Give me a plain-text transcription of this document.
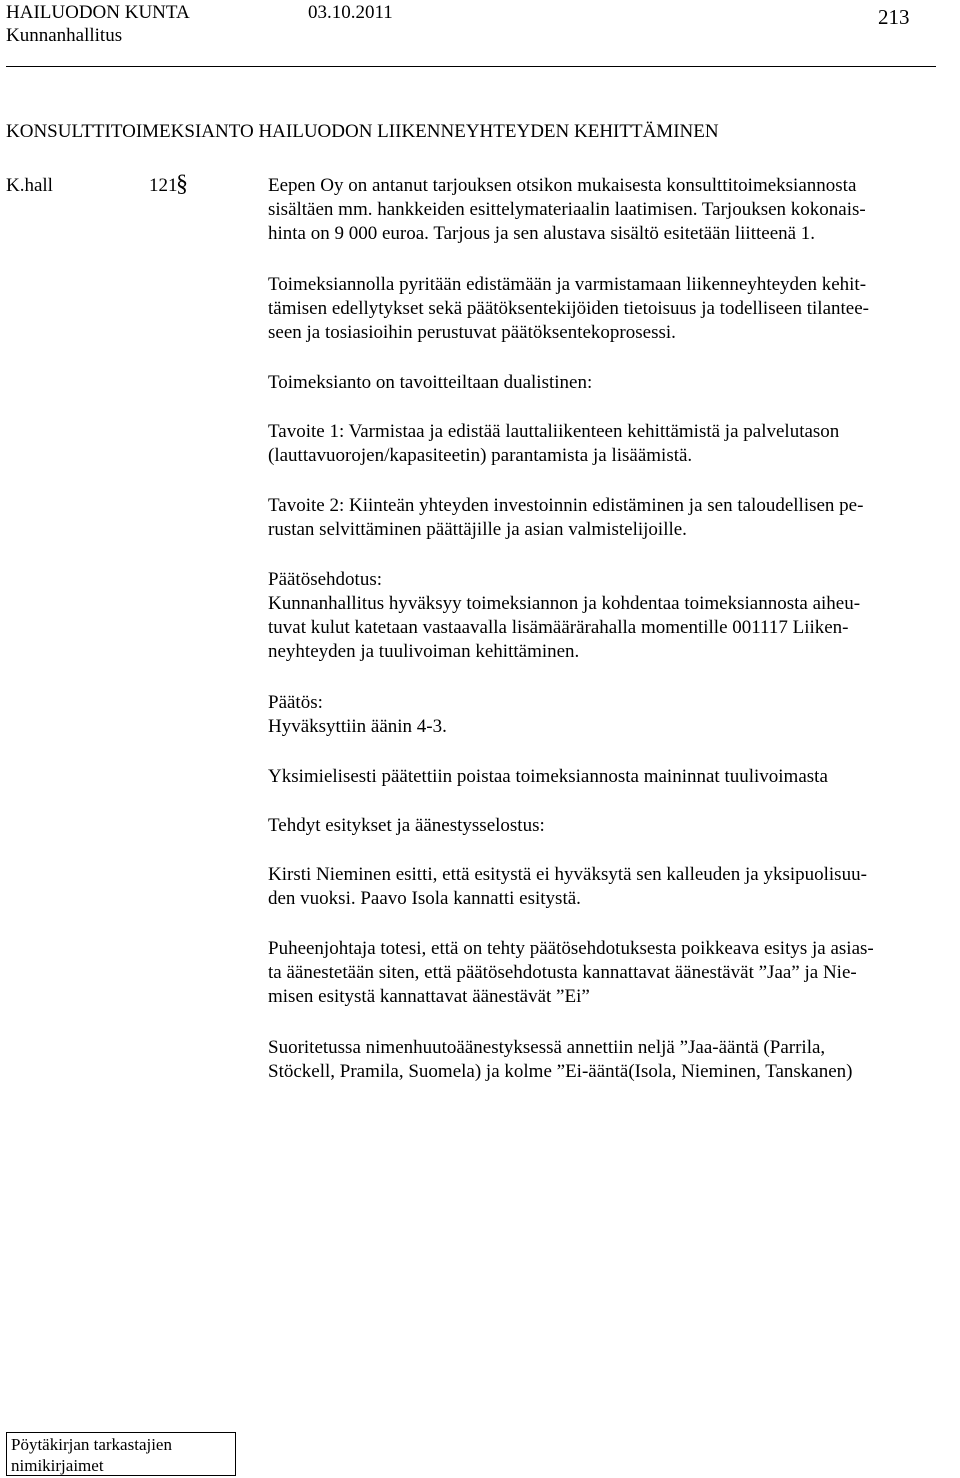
HAILUODON KUNTA	03.10.2011	213
Kunnanhallitus
KONSULTTITOIMEKSIANTO HAILUODON LIIKENNEYHTEYDEN KEHITTÄMINEN
K.hall	121
§	Eepen Oy on antanut tarjouksen otsikon mukaisesta konsulttitoimeksiannosta
sisältäen mm. hankkeiden esittelymateriaalin laatimisen. Tarjouksen kokonais-
hinta on 9 000 euroa. Tarjous ja sen alustava sisältö esitetään liitteenä 1.
Toimeksiannolla pyritään edistämään ja varmistamaan liikenneyhteyden kehit-
tämisen edellytykset sekä päätöksentekijöiden tietoisuus ja todelliseen tilantee-
seen ja tosiasioihin perustuvat päätöksentekoprosessi.
Toimeksianto on tavoitteiltaan dualistinen:
Tavoite 1: Varmistaa ja edistää lauttaliikenteen kehittämistä ja palvelutason
(lauttavuorojen/kapasiteetin) parantamista ja lisäämistä.
Tavoite 2: Kiinteän yhteyden investoinnin edistäminen ja sen taloudellisen pe-
rustan selvittäminen päättäjille ja asian valmistelijoille.
Päätösehdotus:
Kunnanhallitus hyväksyy toimeksiannon ja kohdentaa toimeksiannosta aiheu-
tuvat kulut katetaan vastaavalla lisämäärärahalla momentille 001117 Liiken-
neyhteyden ja tuulivoiman kehittäminen.
Päätös:
Hyväksyttiin äänin 4-3.
Yksimielisesti päätettiin poistaa toimeksiannosta maininnat tuulivoimasta
Tehdyt esitykset ja äänestysselostus:
Kirsti Nieminen esitti, että esitystä ei hyväksytä sen kalleuden ja yksipuolisuu-
den vuoksi. Paavo Isola kannatti esitystä.
Puheenjohtaja totesi, että on tehty päätösehdotuksesta poikkeava esitys ja asias-
ta äänestetään siten, että päätösehdotusta kannattavat äänestävät ”Jaa” ja Nie-
misen esitystä kannattavat äänestävät ”Ei”
Suoritetussa nimenhuutoäänestyksessä annettiin neljä ”Jaa-ääntä (Parrila,
Stöckell, Pramila, Suomela) ja kolme ”Ei-ääntä(Isola, Nieminen, Tanskanen)
Pöytäkirjan tarkastajien
nimikirjaimet
